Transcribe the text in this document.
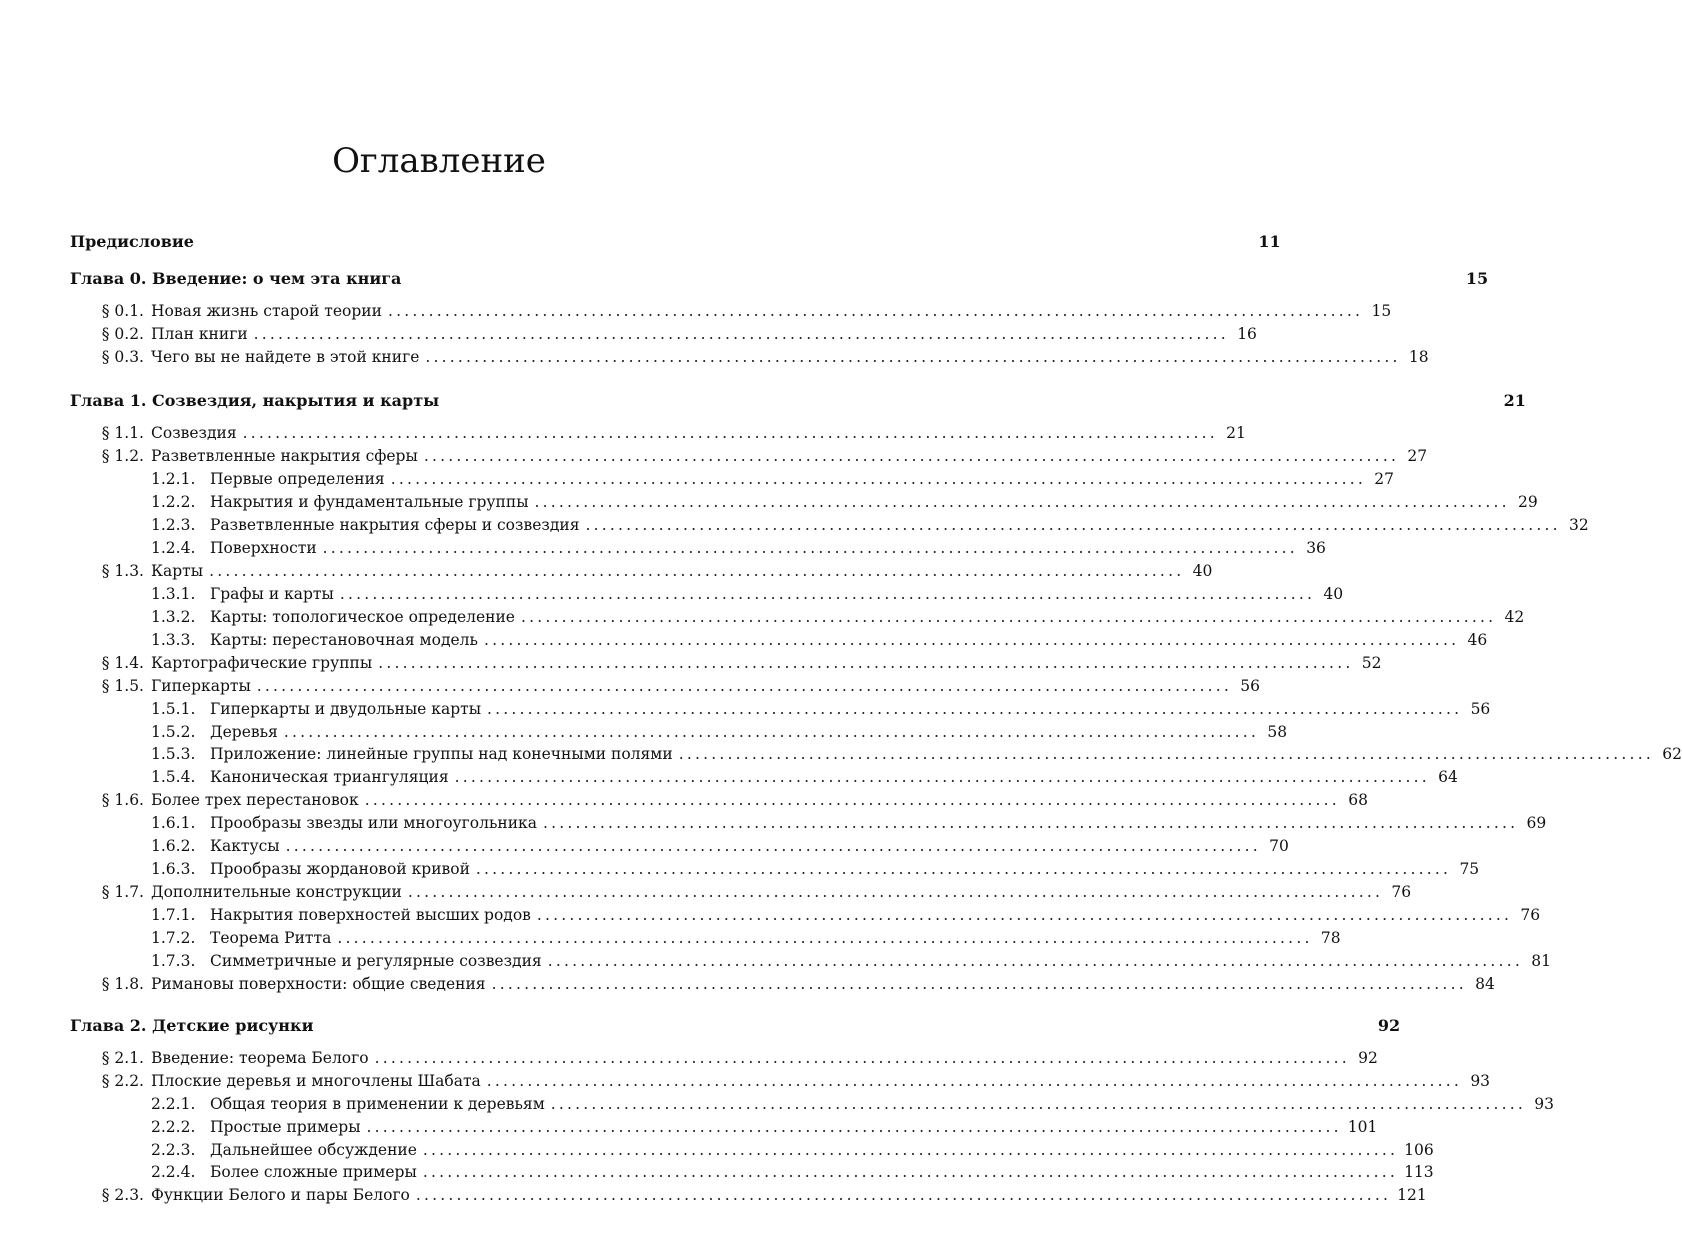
Оглавление
Предисловие	11
Глава 0. Введение: о чем эта книга	15
§ 0.1. Новая жизнь старой теории ........................................................................................................................ 15
§ 0.2. План книги ........................................................................................................................ 16
§ 0.3. Чего вы не найдете в этой книге ........................................................................................................................ 18
Глава 1. Созвездия, накрытия и карты	21
§ 1.1. Созвездия ........................................................................................................................ 21
§ 1.2. Разветвленные накрытия сферы ........................................................................................................................ 27
1.2.1. Первые определения ........................................................................................................................ 27
1.2.2. Накрытия и фундаментальные группы ........................................................................................................................ 29
1.2.3. Разветвленные накрытия сферы и созвездия ........................................................................................................................ 32
1.2.4. Поверхности ........................................................................................................................ 36
§ 1.3. Карты ........................................................................................................................ 40
1.3.1. Графы и карты ........................................................................................................................ 40
1.3.2. Карты: топологическое определение ........................................................................................................................ 42
1.3.3. Карты: перестановочная модель ........................................................................................................................ 46
§ 1.4. Картографические группы ........................................................................................................................ 52
§ 1.5. Гиперкарты ........................................................................................................................ 56
1.5.1. Гиперкарты и двудольные карты ........................................................................................................................ 56
1.5.2. Деревья ........................................................................................................................ 58
1.5.3. Приложение: линейные группы над конечными полями ........................................................................................................................ 62
1.5.4. Каноническая триангуляция ........................................................................................................................ 64
§ 1.6. Более трех перестановок ........................................................................................................................ 68
1.6.1. Прообразы звезды или многоугольника ........................................................................................................................ 69
1.6.2. Кактусы ........................................................................................................................ 70
1.6.3. Прообразы жордановой кривой ........................................................................................................................ 75
§ 1.7. Дополнительные конструкции ........................................................................................................................ 76
1.7.1. Накрытия поверхностей высших родов ........................................................................................................................ 76
1.7.2. Теорема Ритта ........................................................................................................................ 78
1.7.3. Симметричные и регулярные созвездия ........................................................................................................................ 81
§ 1.8. Римановы поверхности: общие сведения ........................................................................................................................ 84
Глава 2. Детские рисунки	92
§ 2.1. Введение: теорема Белого ........................................................................................................................ 92
§ 2.2. Плоские деревья и многочлены Шабата ........................................................................................................................ 93
2.2.1. Общая теория в применении к деревьям ........................................................................................................................ 93
2.2.2. Простые примеры ........................................................................................................................ 101
2.2.3. Дальнейшее обсуждение ........................................................................................................................ 106
2.2.4. Более сложные примеры ........................................................................................................................ 113
§ 2.3. Функции Белого и пары Белого ........................................................................................................................ 121
